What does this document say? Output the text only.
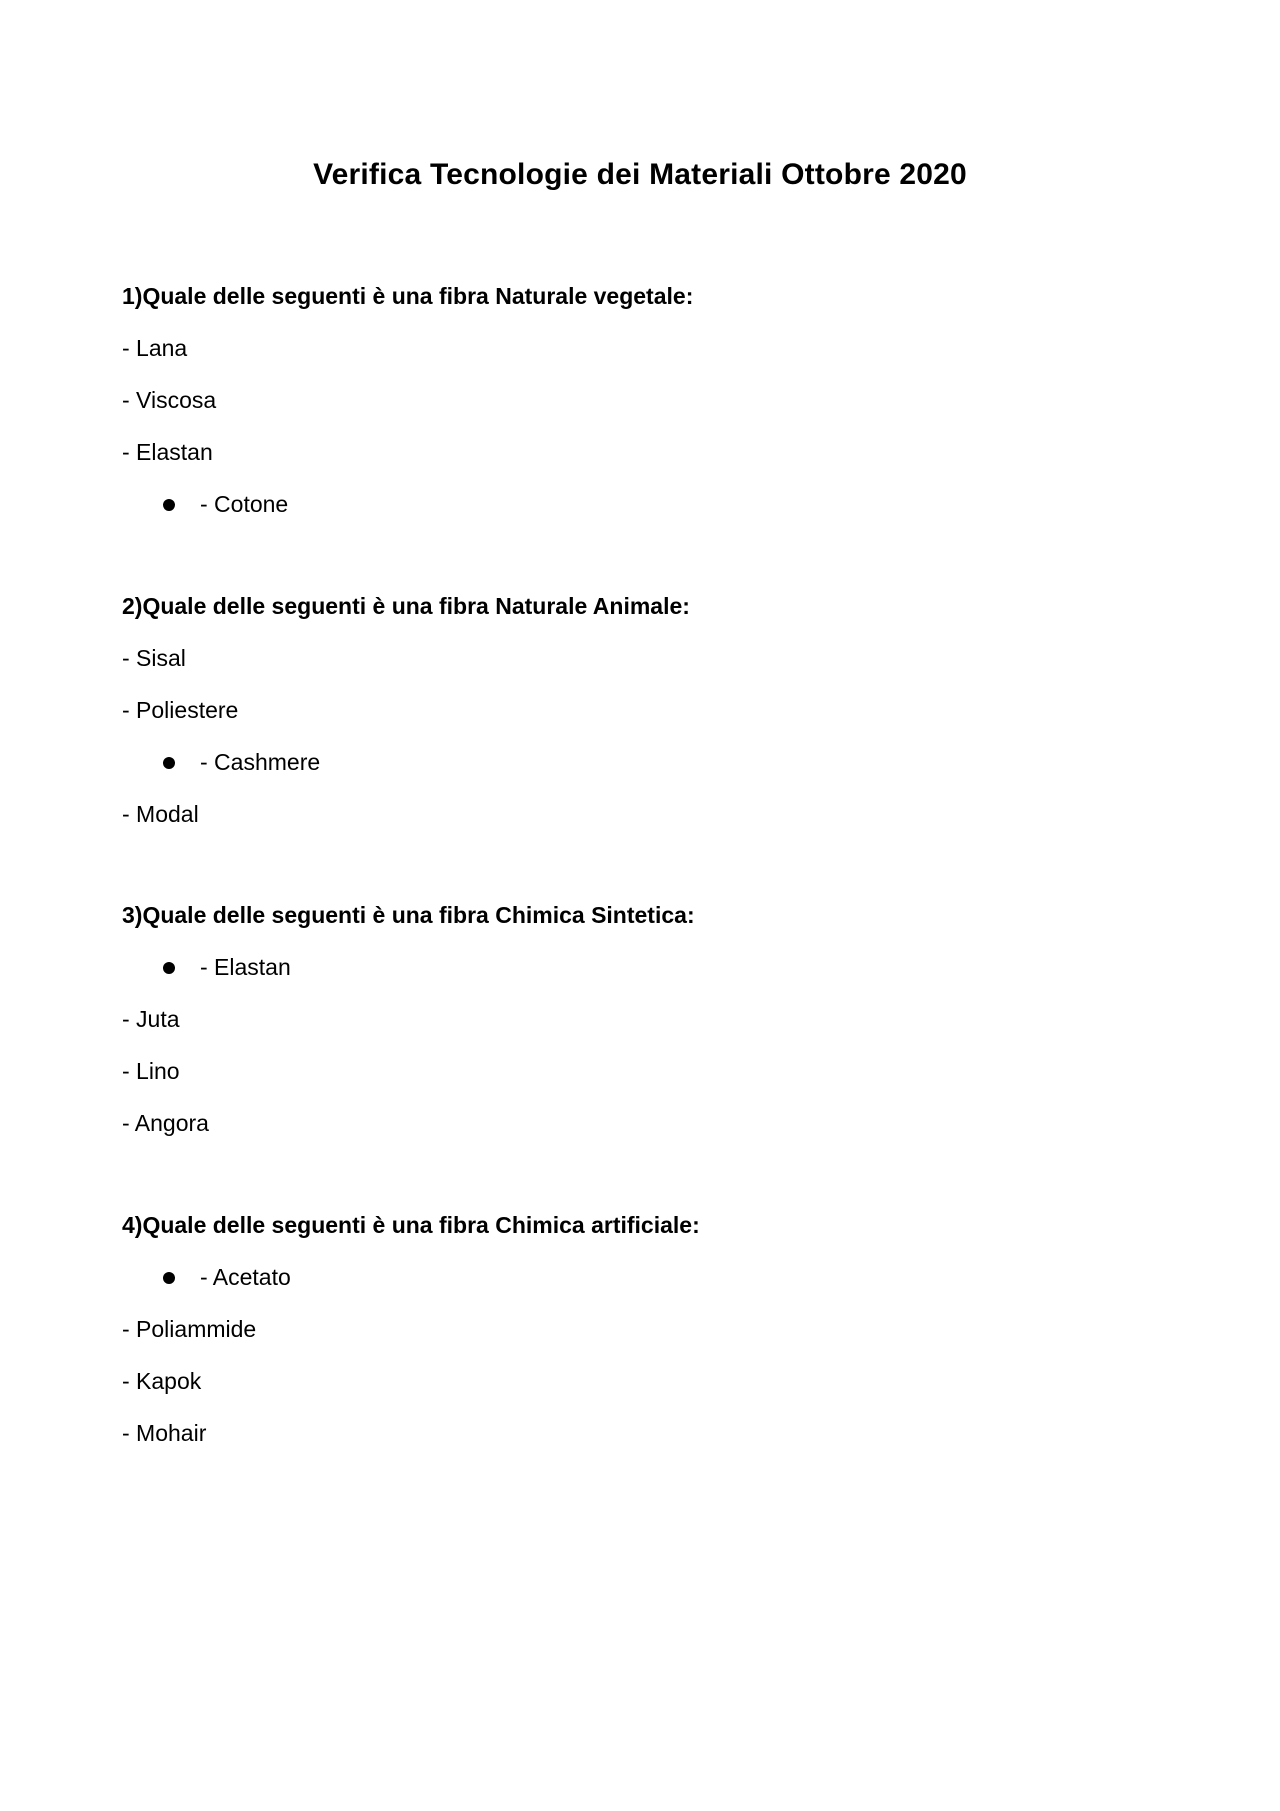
Verifica Tecnologie dei Materiali Ottobre 2020
1)Quale delle seguenti è una fibra Naturale vegetale:
- Lana
- Viscosa
- Elastan
- Cotone
2)Quale delle seguenti è una fibra Naturale Animale:
- Sisal
- Poliestere
- Cashmere
- Modal
3)Quale delle seguenti è una fibra Chimica Sintetica:
- Elastan
- Juta
- Lino
- Angora
4)Quale delle seguenti è una fibra Chimica artificiale:
- Acetato
- Poliammide
- Kapok
- Mohair
